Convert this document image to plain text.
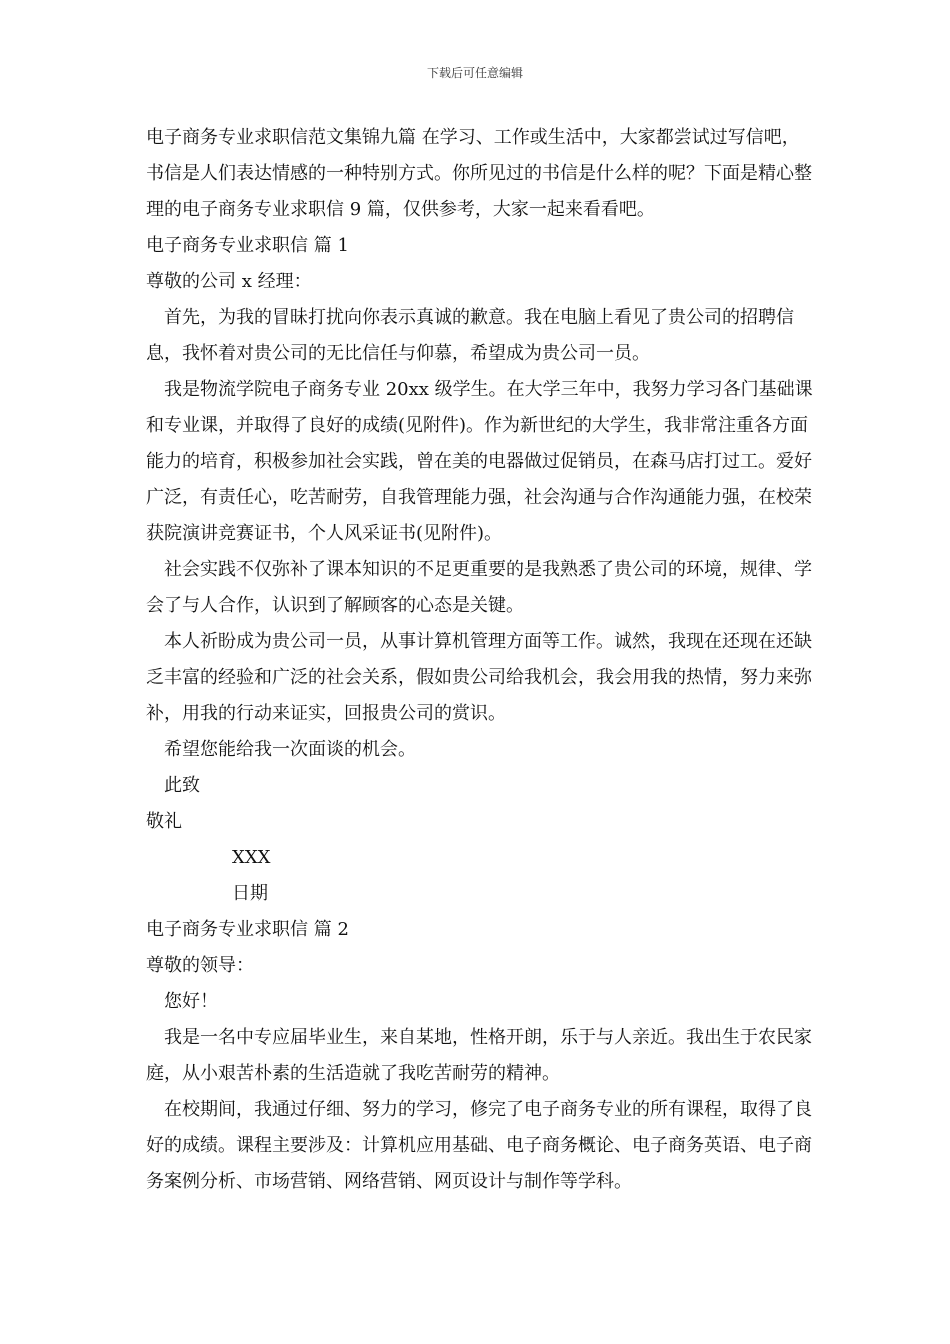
下载后可任意编辑

电子商务专业求职信范文集锦九篇 在学习、工作或生活中，大家都尝试过写信吧，书信是人们表达情感的一种特别方式。你所见过的书信是什么样的呢？下面是精心整理的电子商务专业求职信 9 篇，仅供参考，大家一起来看看吧。

电子商务专业求职信 篇 1

尊敬的公司 x 经理：

首先，为我的冒昧打扰向你表示真诚的歉意。我在电脑上看见了贵公司的招聘信息，我怀着对贵公司的无比信任与仰慕，希望成为贵公司一员。

我是物流学院电子商务专业 20xx 级学生。在大学三年中，我努力学习各门基础课和专业课，并取得了良好的成绩(见附件)。作为新世纪的大学生，我非常注重各方面能力的培育，积极参加社会实践，曾在美的电器做过促销员，在森马店打过工。爱好广泛，有责任心，吃苦耐劳，自我管理能力强，社会沟通与合作沟通能力强，在校荣获院演讲竞赛证书，个人风采证书(见附件)。

社会实践不仅弥补了课本知识的不足更重要的是我熟悉了贵公司的环境，规律、学会了与人合作，认识到了解顾客的心态是关键。

本人祈盼成为贵公司一员，从事计算机管理方面等工作。诚然，我现在还现在还缺乏丰富的经验和广泛的社会关系，假如贵公司给我机会，我会用我的热情，努力来弥补，用我的行动来证实，回报贵公司的赏识。

希望您能给我一次面谈的机会。

此致

敬礼

XXX

日期

电子商务专业求职信 篇 2

尊敬的领导：

您好！

我是一名中专应届毕业生，来自某地，性格开朗，乐于与人亲近。我出生于农民家庭，从小艰苦朴素的生活造就了我吃苦耐劳的精神。

在校期间，我通过仔细、努力的学习，修完了电子商务专业的所有课程，取得了良好的成绩。课程主要涉及：计算机应用基础、电子商务概论、电子商务英语、电子商务案例分析、市场营销、网络营销、网页设计与制作等学科。
